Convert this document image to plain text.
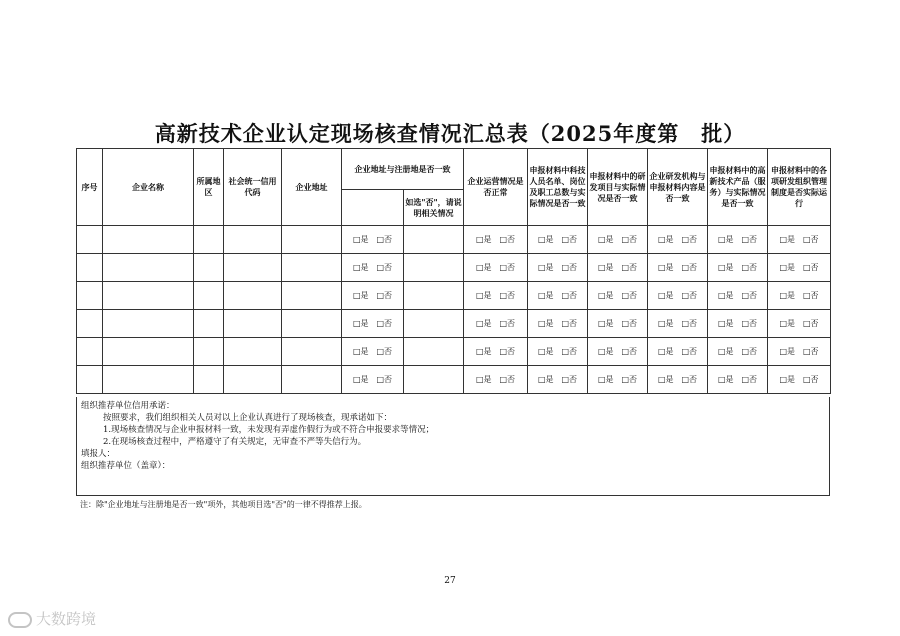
高新技术企业认定现场核查情况汇总表（2025年度第　批）
序号	企业名称	所属地区	社会统一信用代码	企业地址	企业地址与注册地是否一致		企业运营情况是否正常	申报材料中科技人员名单、岗位及职工总数与实际情况是否一致	申报材料中的研发项目与实际情况是否一致	企业研发机构与申报材料内容是否一致	申报材料中的高新技术产品（服务）与实际情况是否一致	申报材料中的各项研发组织管理制度是否实际运行
						如选"否"，请说明相关情况						
					□是　□否		□是　□否	□是　□否	□是　□否	□是　□否	□是　□否	□是　□否
					□是　□否		□是　□否	□是　□否	□是　□否	□是　□否	□是　□否	□是　□否
					□是　□否		□是　□否	□是　□否	□是　□否	□是　□否	□是　□否	□是　□否
					□是　□否		□是　□否	□是　□否	□是　□否	□是　□否	□是　□否	□是　□否
					□是　□否		□是　□否	□是　□否	□是　□否	□是　□否	□是　□否	□是　□否
					□是　□否		□是　□否	□是　□否	□是　□否	□是　□否	□是　□否	□是　□否
组织推荐单位信用承诺：
按照要求，我们组织相关人员对以上企业认真进行了现场核查，现承诺如下：
1.现场核查情况与企业申报材料一致，未发现有弄虚作假行为或不符合申报要求等情况；
2.在现场核查过程中，严格遵守了有关规定，无审查不严等失信行为。
填报人：
组织推荐单位（盖章）：
注：除"企业地址与注册地是否一致"项外，其他项目选"否"的一律不得推荐上报。
27
大数跨境
